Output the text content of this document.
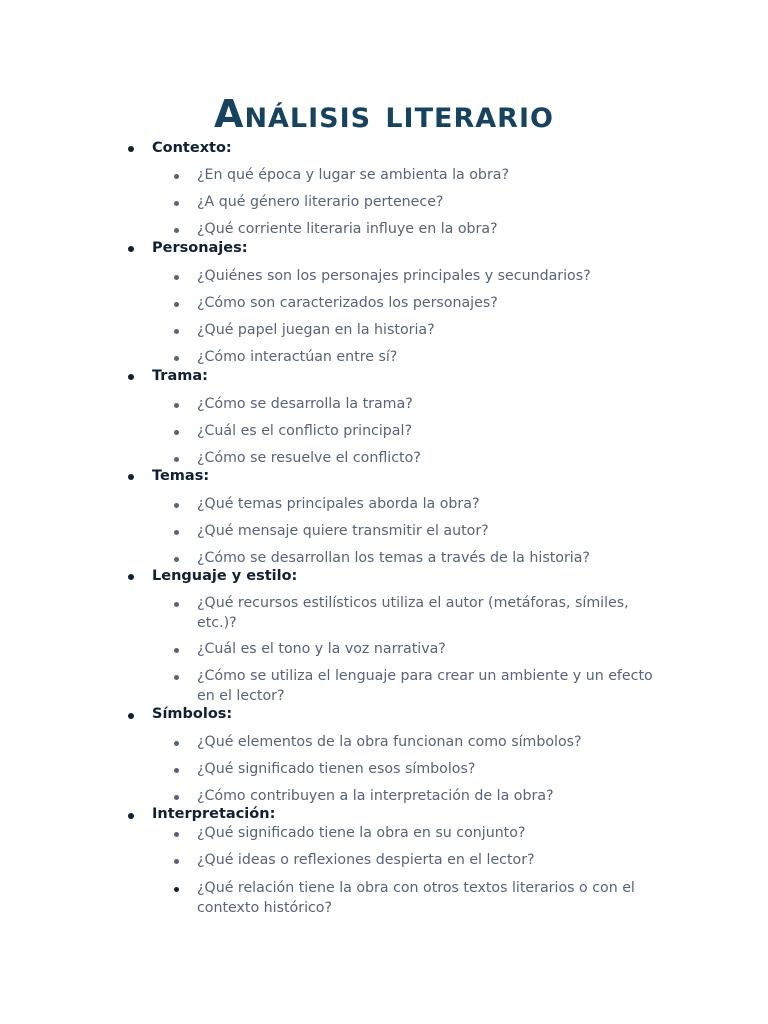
Análisis literario
Contexto:
¿En qué época y lugar se ambienta la obra?
¿A qué género literario pertenece?
¿Qué corriente literaria influye en la obra?
Personajes:
¿Quiénes son los personajes principales y secundarios?
¿Cómo son caracterizados los personajes?
¿Qué papel juegan en la historia?
¿Cómo interactúan entre sí?
Trama:
¿Cómo se desarrolla la trama?
¿Cuál es el conflicto principal?
¿Cómo se resuelve el conflicto?
Temas:
¿Qué temas principales aborda la obra?
¿Qué mensaje quiere transmitir el autor?
¿Cómo se desarrollan los temas a través de la historia?
Lenguaje y estilo:
¿Qué recursos estilísticos utiliza el autor (metáforas, símiles, etc.)?
¿Cuál es el tono y la voz narrativa?
¿Cómo se utiliza el lenguaje para crear un ambiente y un efecto en el lector?
Símbolos:
¿Qué elementos de la obra funcionan como símbolos?
¿Qué significado tienen esos símbolos?
¿Cómo contribuyen a la interpretación de la obra?
Interpretación:
¿Qué significado tiene la obra en su conjunto?
¿Qué ideas o reflexiones despierta en el lector?
¿Qué relación tiene la obra con otros textos literarios o con el contexto histórico?
